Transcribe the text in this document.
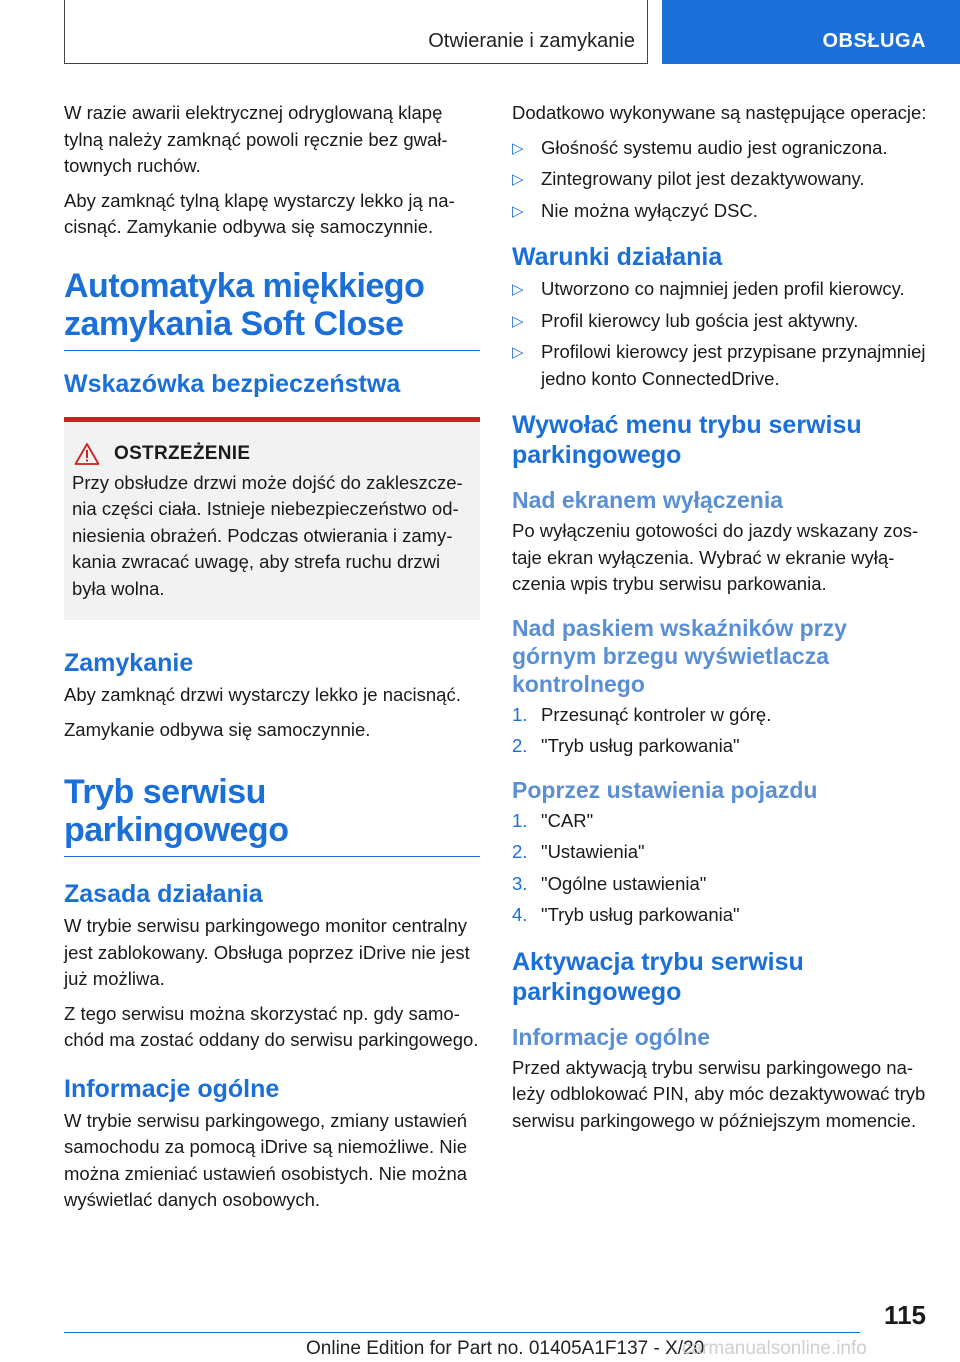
Otwieranie i zamykanie	OBSŁUGA

W razie awarii elektrycznej odryglowaną klapę tylną należy zamknąć powoli ręcznie bez gwałtownych ruchów.

Aby zamknąć tylną klapę wystarczy lekko ją nacisnąć. Zamykanie odbywa się samoczynnie.

Automatyka miękkiego zamykania Soft Close
Wskazówka bezpieczeństwa
OSTRZEŻENIE

Przy obsłudze drzwi może dojść do zakleszczenia części ciała. Istnieje niebezpieczeństwo odniesienia obrażeń. Podczas otwierania i zamykania zwracać uwagę, aby strefa ruchu drzwi była wolna.

Zamykanie

Aby zamknąć drzwi wystarczy lekko je nacisnąć.

Zamykanie odbywa się samoczynnie.

Tryb serwisu parkingowego
Zasada działania

W trybie serwisu parkingowego monitor centralny jest zablokowany. Obsługa poprzez iDrive nie jest już możliwa.

Z tego serwisu można skorzystać np. gdy samochód ma zostać oddany do serwisu parkingowego.

Informacje ogólne

W trybie serwisu parkingowego, zmiany ustawień samochodu za pomocą iDrive są niemożliwe. Nie można zmieniać ustawień osobistych. Nie można wyświetlać danych osobowych.

Dodatkowo wykonywane są następujące operacje:

▷ Głośność systemu audio jest ograniczona.
▷ Zintegrowany pilot jest dezaktywowany.
▷ Nie można wyłączyć DSC.
Warunki działania
▷ Utworzono co najmniej jeden profil kierowcy.
▷ Profil kierowcy lub gościa jest aktywny.
▷ Profilowi kierowcy jest przypisane przynajmniej jedno konto ConnectedDrive.
Wywołać menu trybu serwisu parkingowego
Nad ekranem wyłączenia

Po wyłączeniu gotowości do jazdy wskazany zostaje ekran wyłączenia. Wybrać w ekranie wyłączenia wpis trybu serwisu parkowania.

Nad paskiem wskaźników przy górnym brzegu wyświetlacza kontrolnego
1. Przesunąć kontroler w górę.
2. "Tryb usług parkowania"
Poprzez ustawienia pojazdu
1. "CAR"
2. "Ustawienia"
3. "Ogólne ustawienia"
4. "Tryb usług parkowania"
Aktywacja trybu serwisu parkingowego
Informacje ogólne

Przed aktywacją trybu serwisu parkingowego należy odblokować PIN, aby móc dezaktywować tryb serwisu parkingowego w późniejszym momencie.

115
Online Edition for Part no. 01405A1F137 - X/20
carmanualsonline.info
